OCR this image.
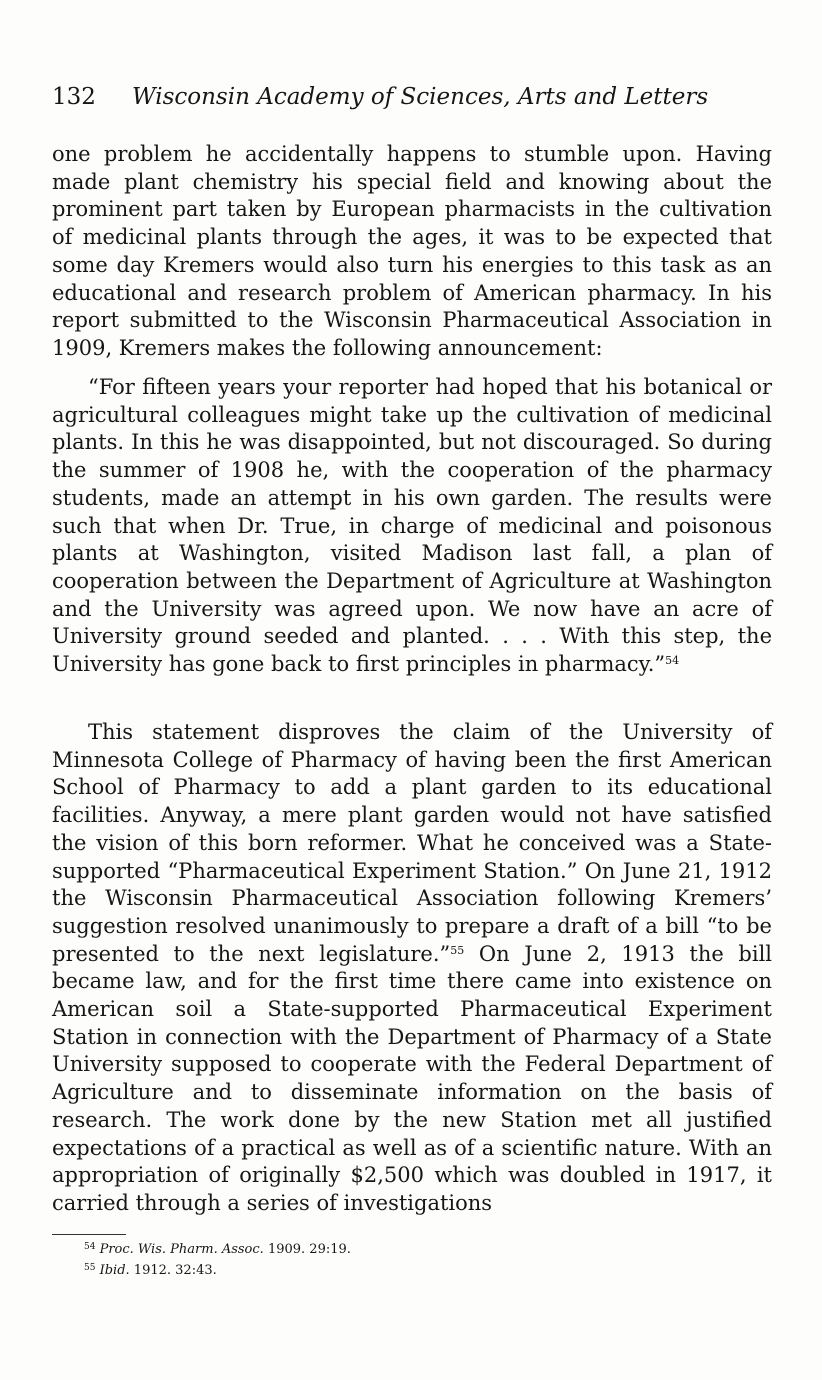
132 Wisconsin Academy of Sciences, Arts and Letters

one problem he accidentally happens to stumble upon. Having made plant chemistry his special field and knowing about the prominent part taken by European pharmacists in the cultivation of medicinal plants through the ages, it was to be expected that some day Kremers would also turn his energies to this task as an educational and research problem of American pharmacy. In his report submitted to the Wisconsin Pharmaceutical Association in 1909, Kremers makes the following announcement:

“For fifteen years your reporter had hoped that his botanical or agricultural colleagues might take up the cultivation of medicinal plants. In this he was disappointed, but not discouraged. So during the summer of 1908 he, with the cooperation of the pharmacy students, made an attempt in his own garden. The results were such that when Dr. True, in charge of medicinal and poisonous plants at Washington, visited Madison last fall, a plan of cooperation between the Department of Agriculture at Washington and the University was agreed upon. We now have an acre of University ground seeded and planted. . . . With this step, the University has gone back to first principles in pharmacy.”$^{54}$

This statement disproves the claim of the University of Minnesota College of Pharmacy of having been the first American School of Pharmacy to add a plant garden to its educational facilities. Anyway, a mere plant garden would not have satisfied the vision of this born reformer. What he conceived was a State-supported “Pharmaceutical Experiment Station.” On June 21, 1912 the Wisconsin Pharmaceutical Association following Kremers’ suggestion resolved unanimously to prepare a draft of a bill “to be presented to the next legislature.”$^{55}$ On June 2, 1913 the bill became law, and for the first time there came into existence on American soil a State-supported Pharmaceutical Experiment Station in connection with the Department of Pharmacy of a State University supposed to cooperate with the Federal Department of Agriculture and to disseminate information on the basis of research. The work done by the new Station met all justified expectations of a practical as well as of a scientific nature. With an appropriation of originally $2,500 which was doubled in 1917, it carried through a series of investigations

$^{54}$ Proc. Wis. Pharm. Assoc. 1909. 29:19.
$^{55}$ Ibid. 1912. 32:43.
